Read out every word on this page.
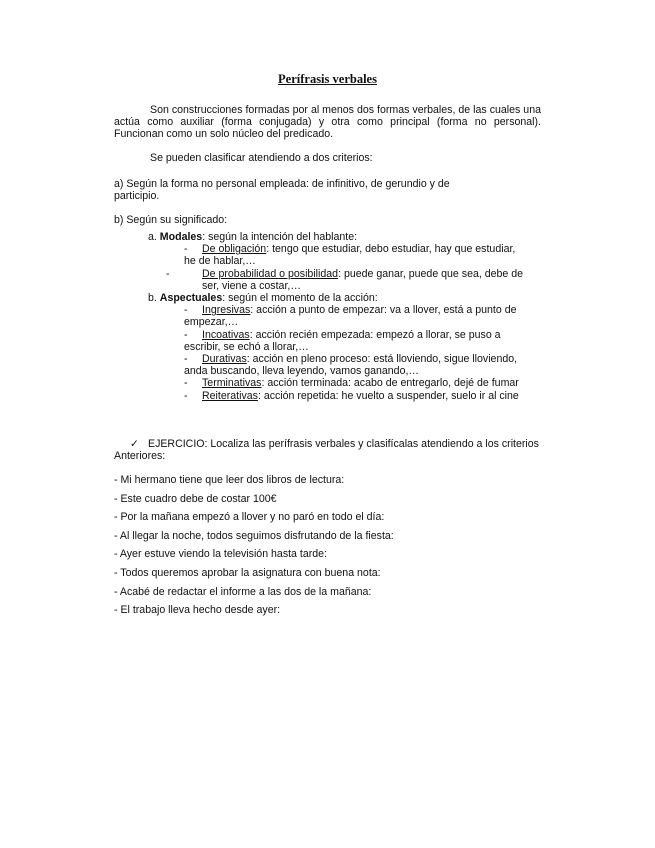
Perífrasis verbales

Son construcciones formadas por al menos dos formas verbales, de las cuales una actúa como auxiliar (forma conjugada) y otra como principal (forma no personal). Funcionan como un solo núcleo del predicado.

Se pueden clasificar atendiendo a dos criterios:

a) Según la forma no personal empleada: de infinitivo, de gerundio y de participio.

b) Según su significado:

a. Modales: según la intención del hablante:

- De obligación: tengo que estudiar, debo estudiar, hay que estudiar, he de hablar,…

-	De probabilidad o posibilidad: puede ganar, puede que sea, debe de ser, viene a costar,…

b. Aspectuales: según el momento de la acción:

- Ingresivas: acción a punto de empezar: va a llover, está a punto de empezar,…

- Incoativas: acción recién empezada: empezó a llorar, se puso a escribir, se echó a llorar,…

- Durativas: acción en pleno proceso: está lloviendo, sigue lloviendo, anda buscando, lleva leyendo, vamos ganando,…

- Terminativas: acción terminada: acabo de entregarlo, dejé de fumar

- Reiterativas: acción repetida: he vuelto a suspender, suelo ir al cine

✓ EJERCICIO: Localiza las perífrasis verbales y clasifícalas atendiendo a los criterios Anteriores:

- Mi hermano tiene que leer dos libros de lectura:

- Este cuadro debe de costar 100€

- Por la mañana empezó a llover y no paró en todo el día:

- Al llegar la noche, todos seguimos disfrutando de la fiesta:

- Ayer estuve viendo la televisión hasta tarde:

- Todos queremos aprobar la asignatura con buena nota:

- Acabé de redactar el informe a las dos de la mañana:

- El trabajo lleva hecho desde ayer:
